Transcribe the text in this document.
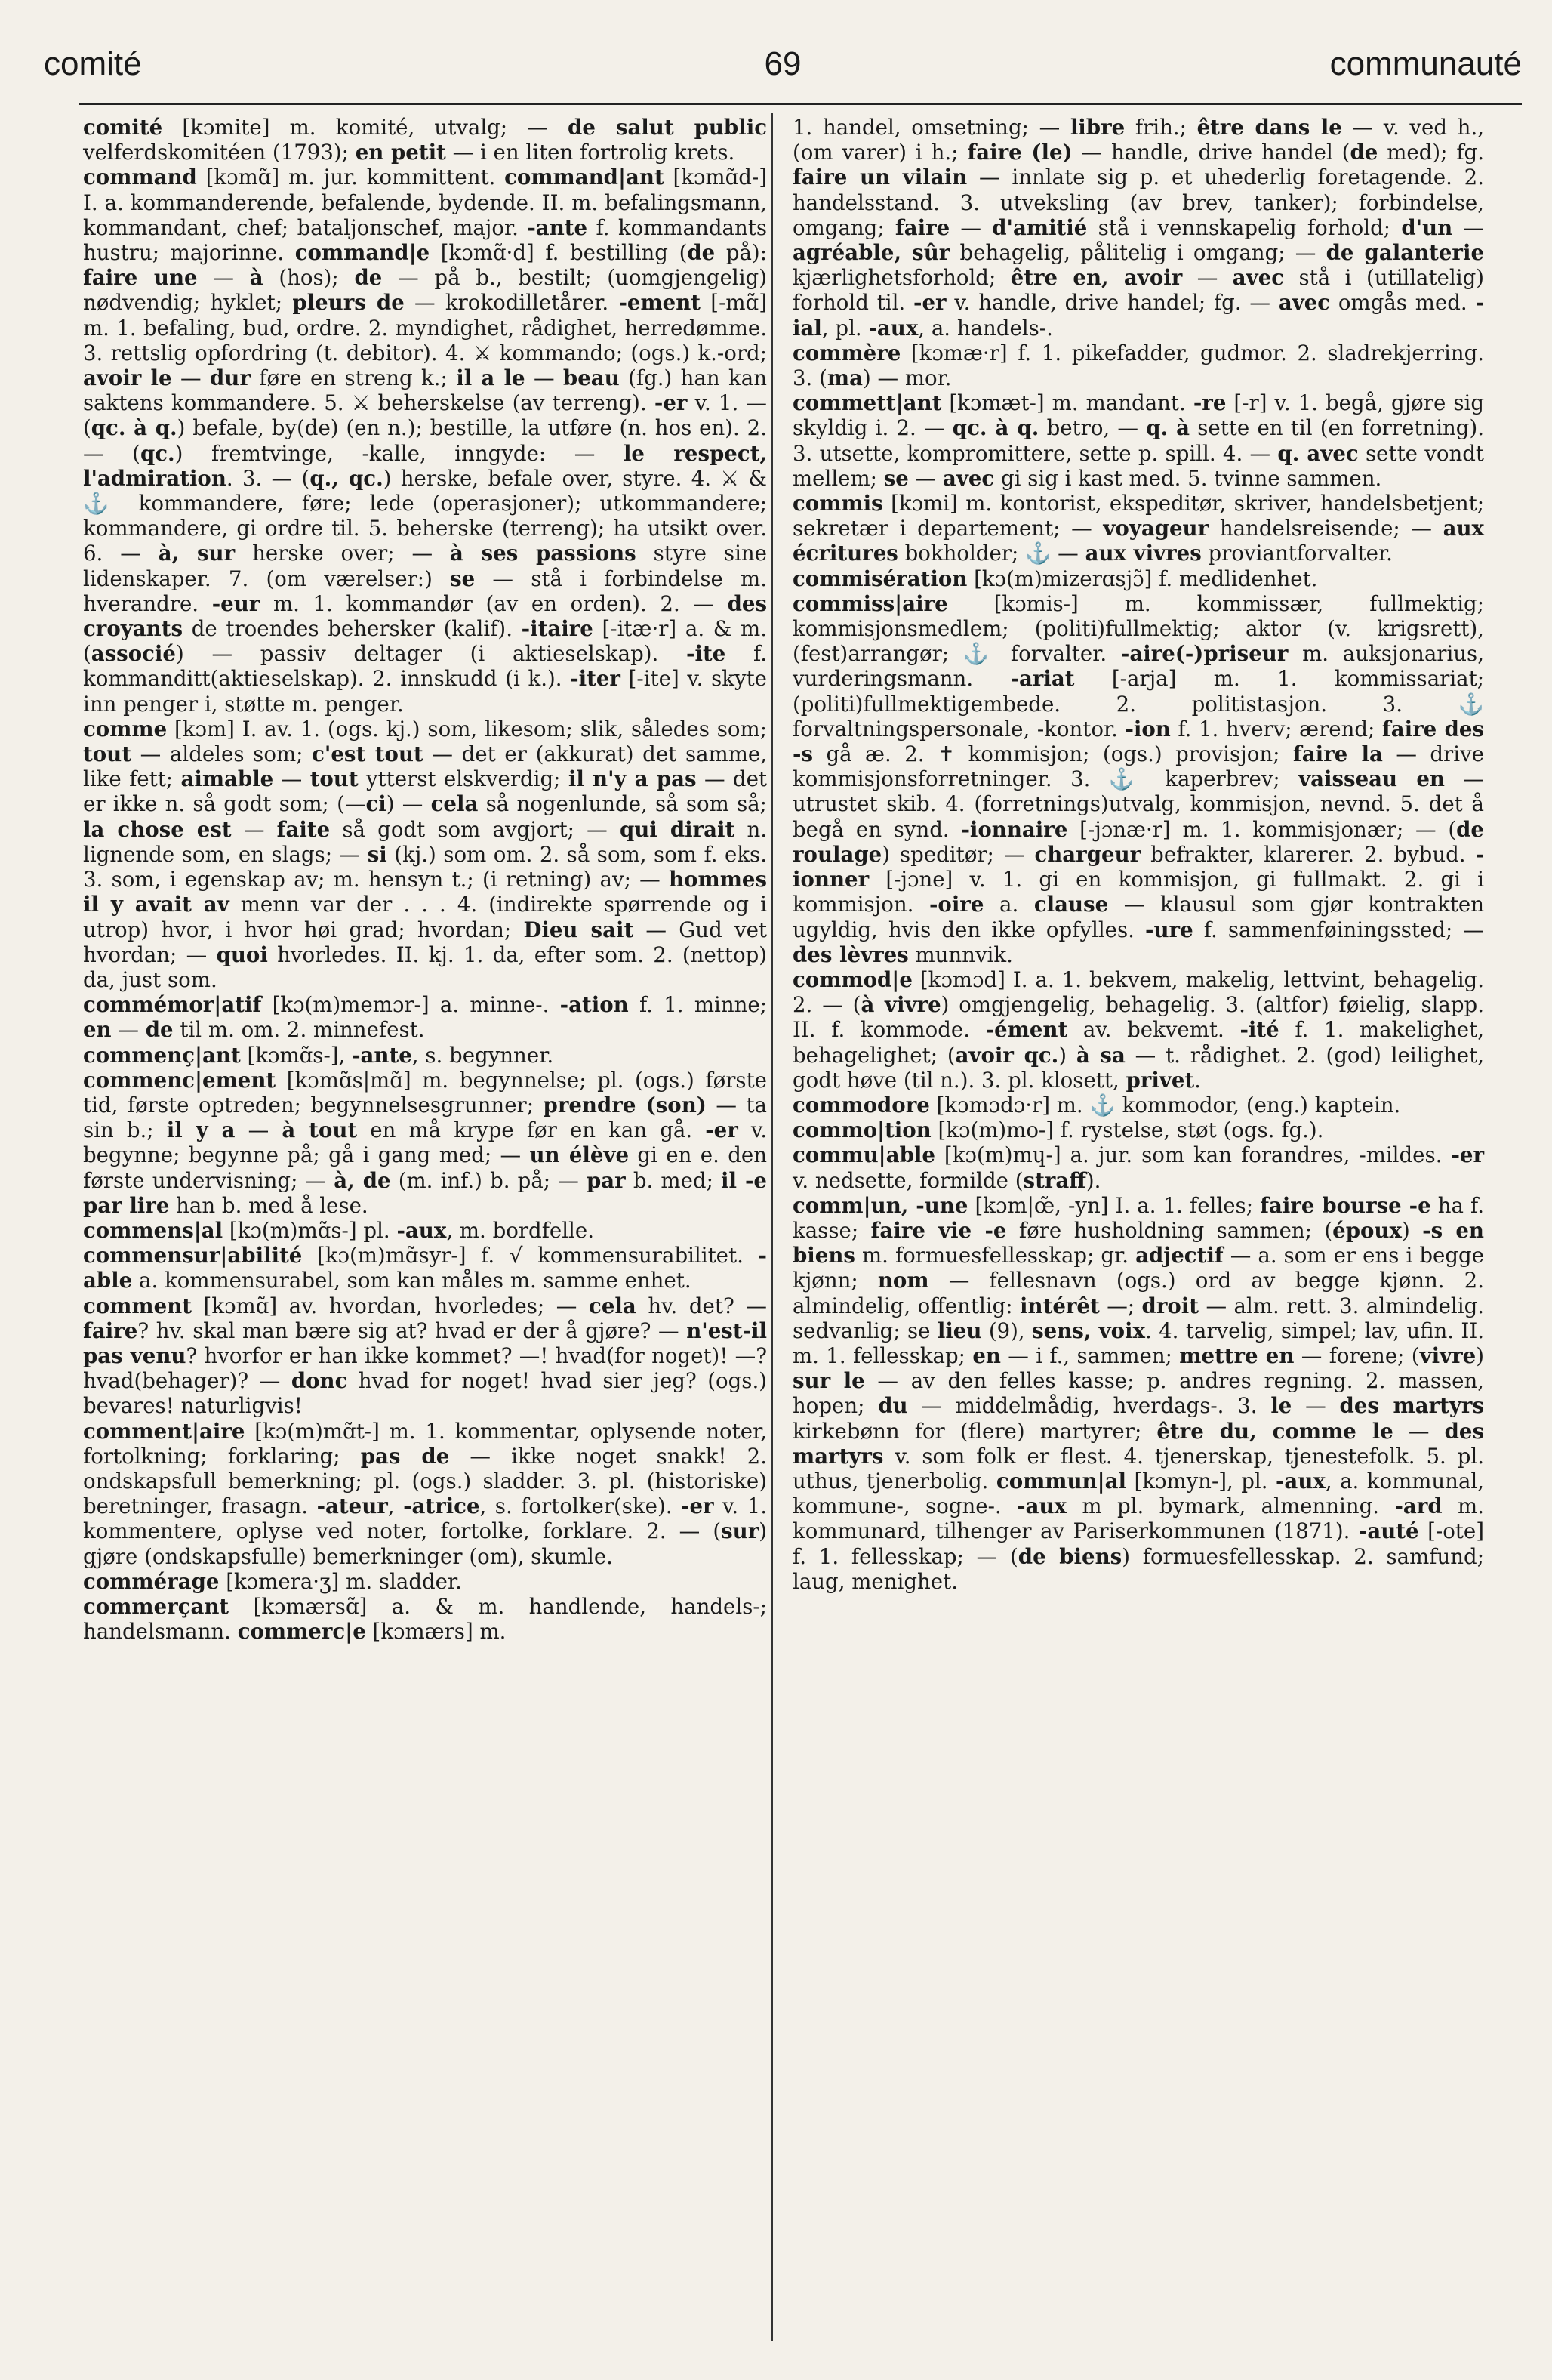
comité	69	communauté

comité [kɔmite] m. komité, utvalg; — de salut public velferdskomitéen (1793); en petit — i en liten fortrolig krets.

command [kɔmɑ̃] m. jur. kommittent. command|ant [kɔmɑ̃d-] I. a. kommanderende, befalende, bydende. II. m. befalingsmann, kommandant, chef; bataljonschef, major. -ante f. kommandants hustru; majorinne. command|e [kɔmɑ̃·d] f. bestilling (de på): faire une — à (hos); de — på b., bestilt; (uomgjengelig) nødvendig; hyklet; pleurs de — krokodilletårer. -ement [-mɑ̃] m. 1. befaling, bud, ordre. 2. myndighet, rådighet, herredømme. 3. rettslig opfordring (t. debitor). 4. ⚔ kommando; (ogs.) k.-ord; avoir le — dur føre en streng k.; il a le — beau (fg.) han kan saktens kommandere. 5. ⚔ beherskelse (av terreng). -er v. 1. — (qc. à q.) befale, by(de) (en n.); bestille, la utføre (n. hos en). 2. — (qc.) fremtvinge, -kalle, inngyde: — le respect, l'admiration. 3. — (q., qc.) herske, befale over, styre. 4. ⚔ & ⚓ kommandere, føre; lede (operasjoner); utkommandere; kommandere, gi ordre til. 5. beherske (terreng); ha utsikt over. 6. — à, sur herske over; — à ses passions styre sine lidenskaper. 7. (om værelser:) se — stå i forbindelse m. hverandre. -eur m. 1. kommandør (av en orden). 2. — des croyants de troendes behersker (kalif). -itaire [-itæ·r] a. & m. (associé) — passiv deltager (i aktieselskap). -ite f. kommanditt(aktieselskap). 2. innskudd (i k.). -iter [-ite] v. skyte inn penger i, støtte m. penger.

comme [kɔm] I. av. 1. (ogs. kj.) som, likesom; slik, således som; tout — aldeles som; c'est tout — det er (akkurat) det samme, like fett; aimable — tout ytterst elskverdig; il n'y a pas — det er ikke n. så godt som; (—ci) — cela så nogenlunde, så som så; la chose est — faite så godt som avgjort; — qui dirait n. lignende som, en slags; — si (kj.) som om. 2. så som, som f. eks. 3. som, i egenskap av; m. hensyn t.; (i retning) av; — hommes il y avait av menn var der . . . 4. (indirekte spørrende og i utrop) hvor, i hvor høi grad; hvordan; Dieu sait — Gud vet hvordan; — quoi hvorledes. II. kj. 1. da, efter som. 2. (nettop) da, just som.

commémor|atif [kɔ(m)memɔr-] a. minne-. -ation f. 1. minne; en — de til m. om. 2. minnefest.

commenç|ant [kɔmɑ̃s-], -ante, s. begynner.

commenc|ement [kɔmɑ̃s|mɑ̃] m. begynnelse; pl. (ogs.) første tid, første optreden; begynnelsesgrunner; prendre (son) — ta sin b.; il y a — à tout en må krype før en kan gå. -er v. begynne; begynne på; gå i gang med; — un élève gi en e. den første undervisning; — à, de (m. inf.) b. på; — par b. med; il -e par lire han b. med å lese.

commens|al [kɔ(m)mɑ̃s-] pl. -aux, m. bordfelle.

commensur|abilité [kɔ(m)mɑ̃syr-] f. √ kommensurabilitet. -able a. kommensurabel, som kan måles m. samme enhet.

comment [kɔmɑ̃] av. hvordan, hvorledes; — cela hv. det? — faire? hv. skal man bære sig at? hvad er der å gjøre? — n'est-il pas venu? hvorfor er han ikke kommet? —! hvad(for noget)! —? hvad(behager)? — donc hvad for noget! hvad sier jeg? (ogs.) bevares! naturligvis!

comment|aire [kɔ(m)mɑ̃t-] m. 1. kommentar, oplysende noter, fortolkning; forklaring; pas de — ikke noget snakk! 2. ondskapsfull bemerkning; pl. (ogs.) sladder. 3. pl. (historiske) beretninger, frasagn. -ateur, -atrice, s. fortolker(ske). -er v. 1. kommentere, oplyse ved noter, fortolke, forklare. 2. — (sur) gjøre (ondskapsfulle) bemerkninger (om), skumle.

commérage [kɔmera·ʒ] m. sladder.

commerçant [kɔmærsɑ̃] a. & m. handlende, handels-; handelsmann. commerc|e [kɔmærs] m.

1. handel, omsetning; — libre frih.; être dans le — v. ved h., (om varer) i h.; faire (le) — handle, drive handel (de med); fg. faire un vilain — innlate sig p. et uhederlig foretagende. 2. handelsstand. 3. utveksling (av brev, tanker); forbindelse, omgang; faire — d'amitié stå i vennskapelig forhold; d'un — agréable, sûr behagelig, pålitelig i omgang; — de galanterie kjærlighetsforhold; être en, avoir — avec stå i (utillatelig) forhold til. -er v. handle, drive handel; fg. — avec omgås med. -ial, pl. -aux, a. handels-.

commère [kɔmæ·r] f. 1. pikefadder, gudmor. 2. sladrekjerring. 3. (ma) — mor.

commett|ant [kɔmæt-] m. mandant. -re [-r] v. 1. begå, gjøre sig skyldig i. 2. — qc. à q. betro, — q. à sette en til (en forretning). 3. utsette, kompromittere, sette p. spill. 4. — q. avec sette vondt mellem; se — avec gi sig i kast med. 5. tvinne sammen.

commis [kɔmi] m. kontorist, ekspeditør, skriver, handelsbetjent; sekretær i departement; — voyageur handelsreisende; — aux écritures bokholder; ⚓ — aux vivres proviantforvalter.

commisération [kɔ(m)mizerɑsjɔ̃] f. medlidenhet.

commiss|aire [kɔmis-] m. kommissær, fullmektig; kommisjonsmedlem; (politi)fullmektig; aktor (v. krigsrett), (fest)arrangør; ⚓ forvalter. -aire(-)priseur m. auksjonarius, vurderingsmann. -ariat [-arja] m. 1. kommissariat; (politi)fullmektigembede. 2. politistasjon. 3. ⚓ forvaltningspersonale, -kontor. -ion f. 1. hverv; ærend; faire des -s gå æ. 2. ✝ kommisjon; (ogs.) provisjon; faire la — drive kommisjonsforretninger. 3. ⚓ kaperbrev; vaisseau en — utrustet skib. 4. (forretnings)utvalg, kommisjon, nevnd. 5. det å begå en synd. -ionnaire [-jɔnæ·r] m. 1. kommisjonær; — (de roulage) speditør; — chargeur befrakter, klarerer. 2. bybud. -ionner [-jɔne] v. 1. gi en kommisjon, gi fullmakt. 2. gi i kommisjon. -oire a. clause — klausul som gjør kontrakten ugyldig, hvis den ikke opfylles. -ure f. sammenføiningssted; — des lèvres munnvik.

commod|e [kɔmɔd] I. a. 1. bekvem, makelig, lettvint, behagelig. 2. — (à vivre) omgjengelig, behagelig. 3. (altfor) føielig, slapp. II. f. kommode. -ément av. bekvemt. -ité f. 1. makelighet, behagelighet; (avoir qc.) à sa — t. rådighet. 2. (god) leilighet, godt høve (til n.). 3. pl. klosett, privet.

commodore [kɔmɔdɔ·r] m. ⚓ kommodor, (eng.) kaptein.

commo|tion [kɔ(m)mo-] f. rystelse, støt (ogs. fg.).

commu|able [kɔ(m)mɥ-] a. jur. som kan forandres, -mildes. -er v. nedsette, formilde (straff).

comm|un, -une [kɔm|œ̃, -yn] I. a. 1. felles; faire bourse -e ha f. kasse; faire vie -e føre husholdning sammen; (époux) -s en biens m. formuesfellesskap; gr. adjectif — a. som er ens i begge kjønn; nom — fellesnavn (ogs.) ord av begge kjønn. 2. almindelig, offentlig: intérêt —; droit — alm. rett. 3. almindelig. sedvanlig; se lieu (9), sens, voix. 4. tarvelig, simpel; lav, ufin. II. m. 1. fellesskap; en — i f., sammen; mettre en — forene; (vivre) sur le — av den felles kasse; p. andres regning. 2. massen, hopen; du — middelmådig, hverdags-. 3. le — des martyrs kirkebønn for (flere) martyrer; être du, comme le — des martyrs v. som folk er flest. 4. tjenerskap, tjenestefolk. 5. pl. uthus, tjenerbolig. commun|al [kɔmyn-], pl. -aux, a. kommunal, kommune-, sogne-. -aux m pl. bymark, almenning. -ard m. kommunard, tilhenger av Pariserkommunen (1871). -auté [-ote] f. 1. fellesskap; — (de biens) formuesfellesskap. 2. samfund; laug, menighet.
